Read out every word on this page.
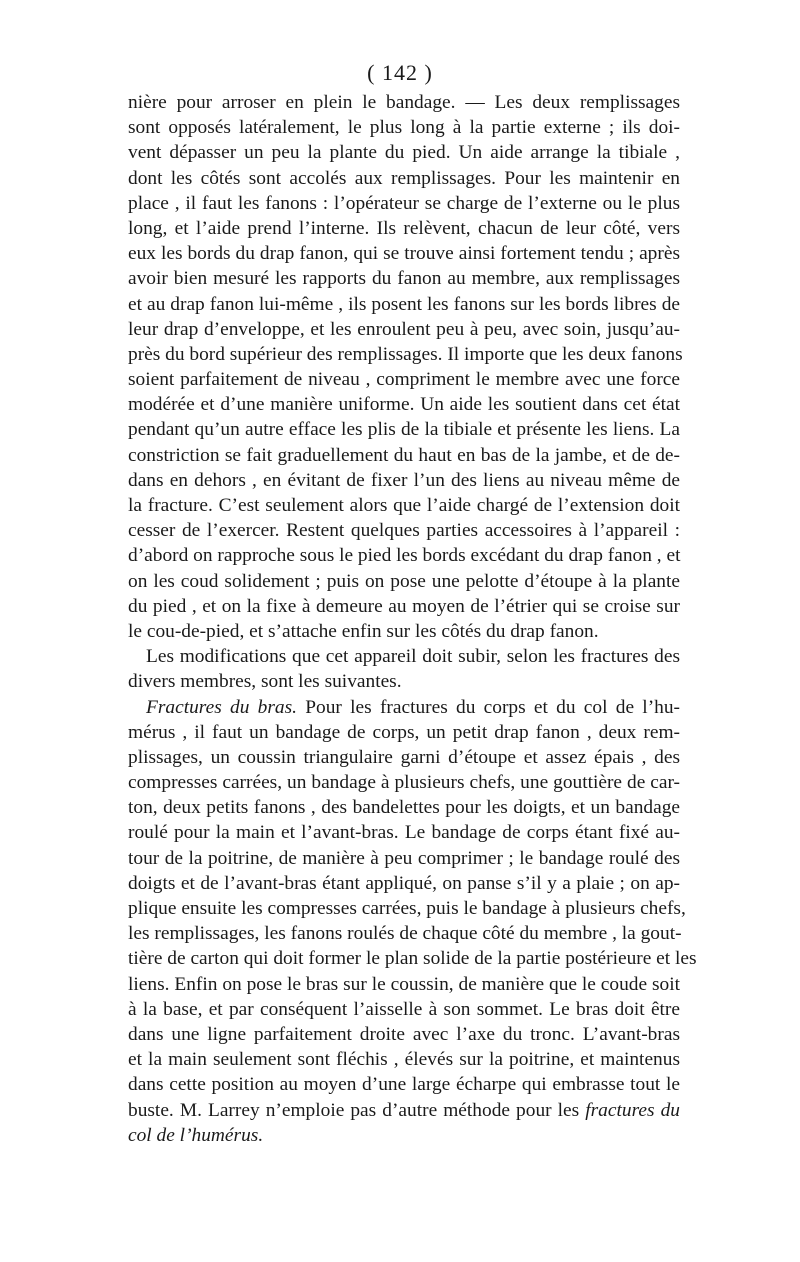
( 142 )
nière pour arroser en plein le bandage. — Les deux remplissages
sont opposés latéralement, le plus long à la partie externe ; ils doi-
vent dépasser un peu la plante du pied. Un aide arrange la tibiale ,
dont les côtés sont accolés aux remplissages. Pour les maintenir en
place , il faut les fanons : l’opérateur se charge de l’externe ou le plus
long, et l’aide prend l’interne. Ils relèvent, chacun de leur côté, vers
eux les bords du drap fanon, qui se trouve ainsi fortement tendu ; après
avoir bien mesuré les rapports du fanon au membre, aux remplissages
et au drap fanon lui-même , ils posent les fanons sur les bords libres de
leur drap d’enveloppe, et les enroulent peu à peu, avec soin, jusqu’au-
près du bord supérieur des remplissages. Il importe que les deux fanons
soient parfaitement de niveau , compriment le membre avec une force
modérée et d’une manière uniforme. Un aide les soutient dans cet état
pendant qu’un autre efface les plis de la tibiale et présente les liens. La
constriction se fait graduellement du haut en bas de la jambe, et de de-
dans en dehors , en évitant de fixer l’un des liens au niveau même de
la fracture. C’est seulement alors que l’aide chargé de l’extension doit
cesser de l’exercer. Restent quelques parties accessoires à l’appareil :
d’abord on rapproche sous le pied les bords excédant du drap fanon , et
on les coud solidement ; puis on pose une pelotte d’étoupe à la plante
du pied , et on la fixe à demeure au moyen de l’étrier qui se croise sur
le cou-de-pied, et s’attache enfin sur les côtés du drap fanon.
Les modifications que cet appareil doit subir, selon les fractures des
divers membres, sont les suivantes.
Fractures du bras. Pour les fractures du corps et du col de l’hu-
mérus , il faut un bandage de corps, un petit drap fanon , deux rem-
plissages, un coussin triangulaire garni d’étoupe et assez épais , des
compresses carrées, un bandage à plusieurs chefs, une gouttière de car-
ton, deux petits fanons , des bandelettes pour les doigts, et un bandage
roulé pour la main et l’avant-bras. Le bandage de corps étant fixé au-
tour de la poitrine, de manière à peu comprimer ; le bandage roulé des
doigts et de l’avant-bras étant appliqué, on panse s’il y a plaie ; on ap-
plique ensuite les compresses carrées, puis le bandage à plusieurs chefs,
les remplissages, les fanons roulés de chaque côté du membre , la gout-
tière de carton qui doit former le plan solide de la partie postérieure et les
liens. Enfin on pose le bras sur le coussin, de manière que le coude soit
à la base, et par conséquent l’aisselle à son sommet. Le bras doit être
dans une ligne parfaitement droite avec l’axe du tronc. L’avant-bras
et la main seulement sont fléchis , élevés sur la poitrine, et maintenus
dans cette position au moyen d’une large écharpe qui embrasse tout le
buste. M. Larrey n’emploie pas d’autre méthode pour les fractures du
col de l’humérus.
